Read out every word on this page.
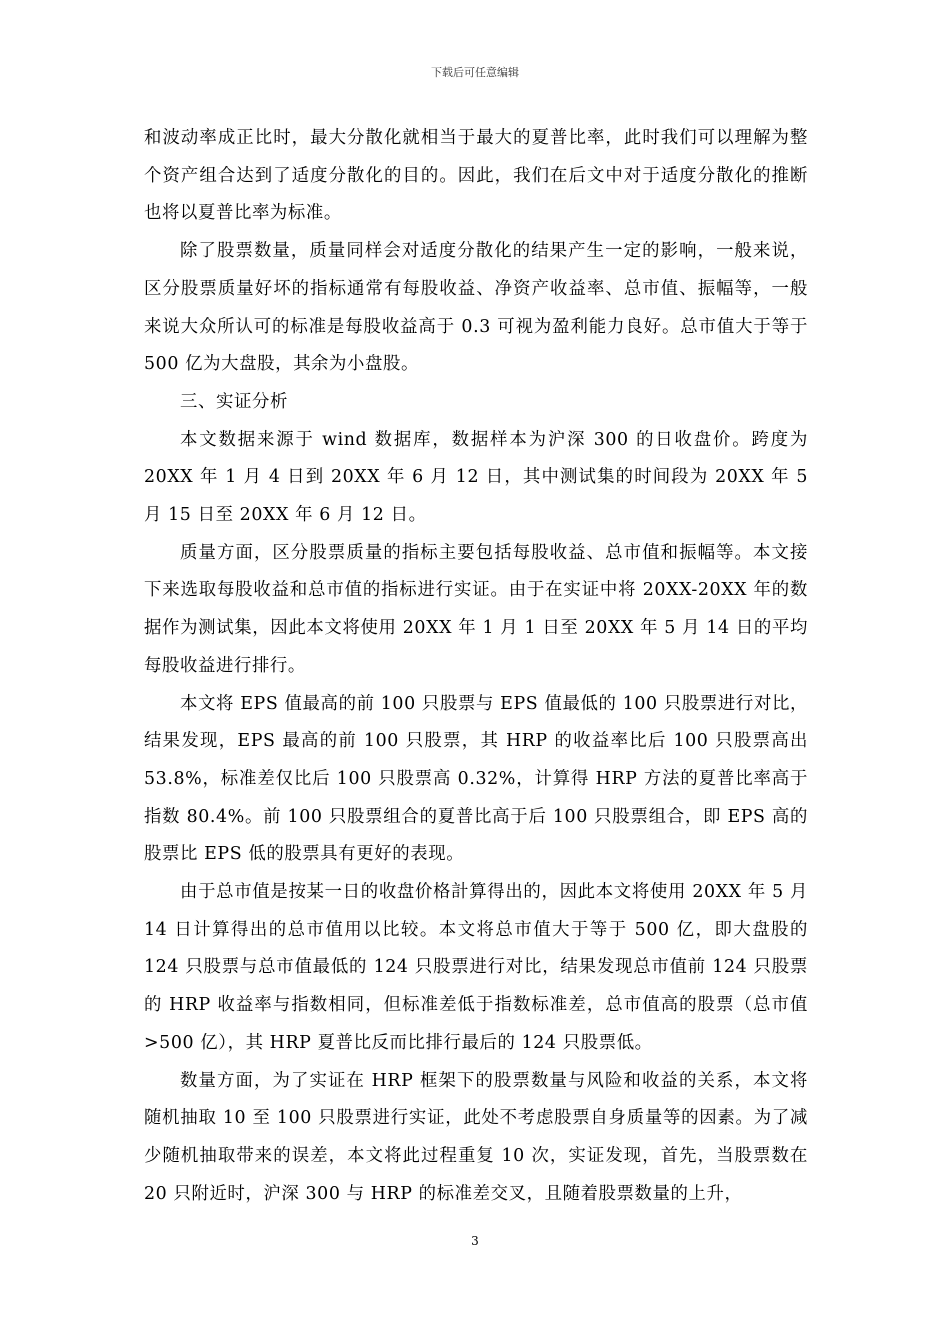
下载后可任意编辑

和波动率成正比时，最大分散化就相当于最大的夏普比率，此时我们可以理解为整个资产组合达到了适度分散化的目的。因此，我们在后文中对于适度分散化的推断也将以夏普比率为标准。

除了股票数量，质量同样会对适度分散化的结果产生一定的影响，一般来说，区分股票质量好坏的指标通常有每股收益、净资产收益率、总市值、振幅等，一般来说大众所认可的标准是每股收益高于 0.3 可视为盈利能力良好。总市值大于等于 500 亿为大盘股，其余为小盘股。

三、实证分析

本文数据来源于 wind 数据库，数据样本为沪深 300 的日收盘价。跨度为 20XX 年 1 月 4 日到 20XX 年 6 月 12 日，其中测试集的时间段为 20XX 年 5 月 15 日至 20XX 年 6 月 12 日。

质量方面，区分股票质量的指标主要包括每股收益、总市值和振幅等。本文接下来选取每股收益和总市值的指标进行实证。由于在实证中将 20XX-20XX 年的数据作为测试集，因此本文将使用 20XX 年 1 月 1 日至 20XX 年 5 月 14 日的平均每股收益进行排行。

本文将 EPS 值最高的前 100 只股票与 EPS 值最低的 100 只股票进行对比，结果发现，EPS 最高的前 100 只股票，其 HRP 的收益率比后 100 只股票高出 53.8%，标准差仅比后 100 只股票高 0.32%，计算得 HRP 方法的夏普比率高于指数 80.4%。前 100 只股票组合的夏普比高于后 100 只股票组合，即 EPS 高的股票比 EPS 低的股票具有更好的表现。

由于总市值是按某一日的收盘价格計算得出的，因此本文将使用 20XX 年 5 月 14 日计算得出的总市值用以比较。本文将总市值大于等于 500 亿，即大盘股的 124 只股票与总市值最低的 124 只股票进行对比，结果发现总市值前 124 只股票的 HRP 收益率与指数相同，但标准差低于指数标准差，总市值高的股票（总市值>500 亿），其 HRP 夏普比反而比排行最后的 124 只股票低。

数量方面，为了实证在 HRP 框架下的股票数量与风险和收益的关系，本文将随机抽取 10 至 100 只股票进行实证，此处不考虑股票自身质量等的因素。为了减少随机抽取带来的误差，本文将此过程重复 10 次，实证发现，首先，当股票数在 20 只附近时，沪深 300 与 HRP 的标准差交叉，且随着股票数量的上升，

3
